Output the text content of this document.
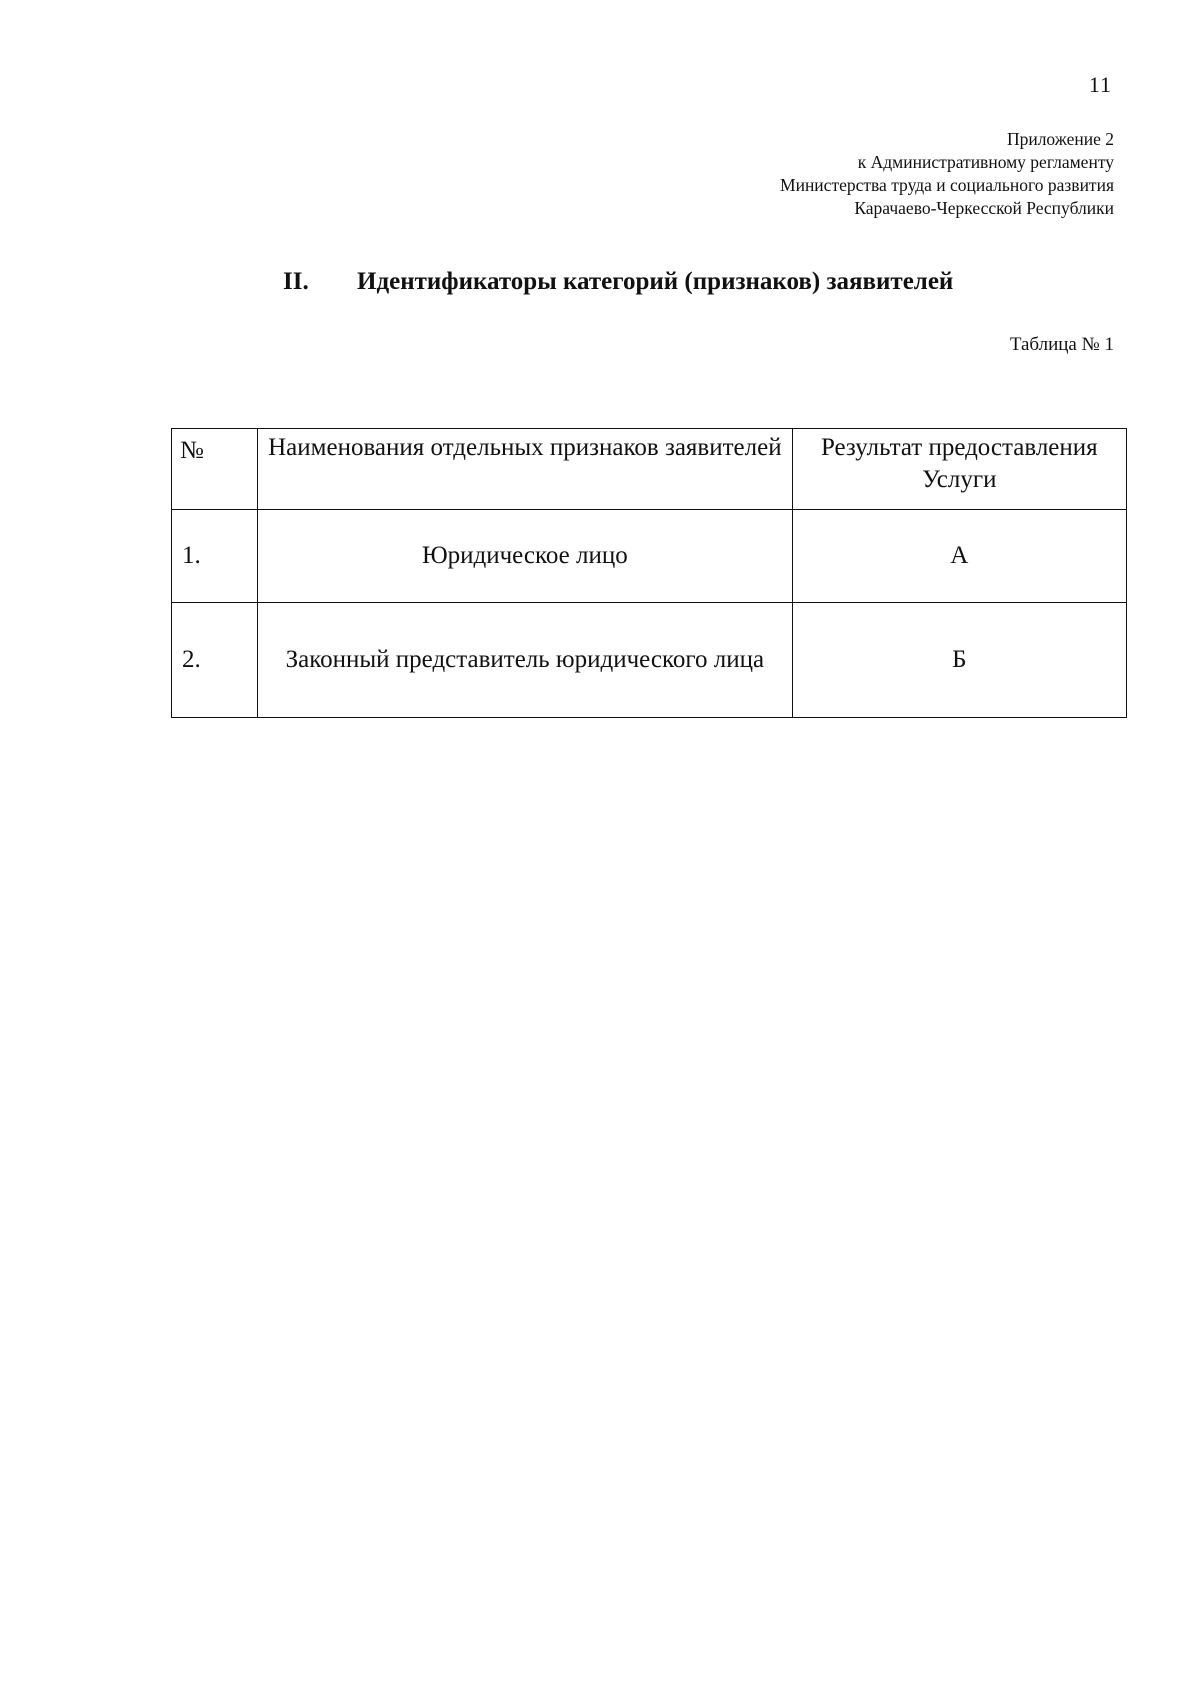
11
Приложение 2
к Административному регламенту
Министерства труда и социального развития
Карачаево-Черкесской Республики
II. Идентификаторы категорий (признаков) заявителей
Таблица № 1
№	Наименования отдельных признаков заявителей	Результат предоставления Услуги
1.	Юридическое лицо	А
2.	Законный представитель юридического лица	Б
